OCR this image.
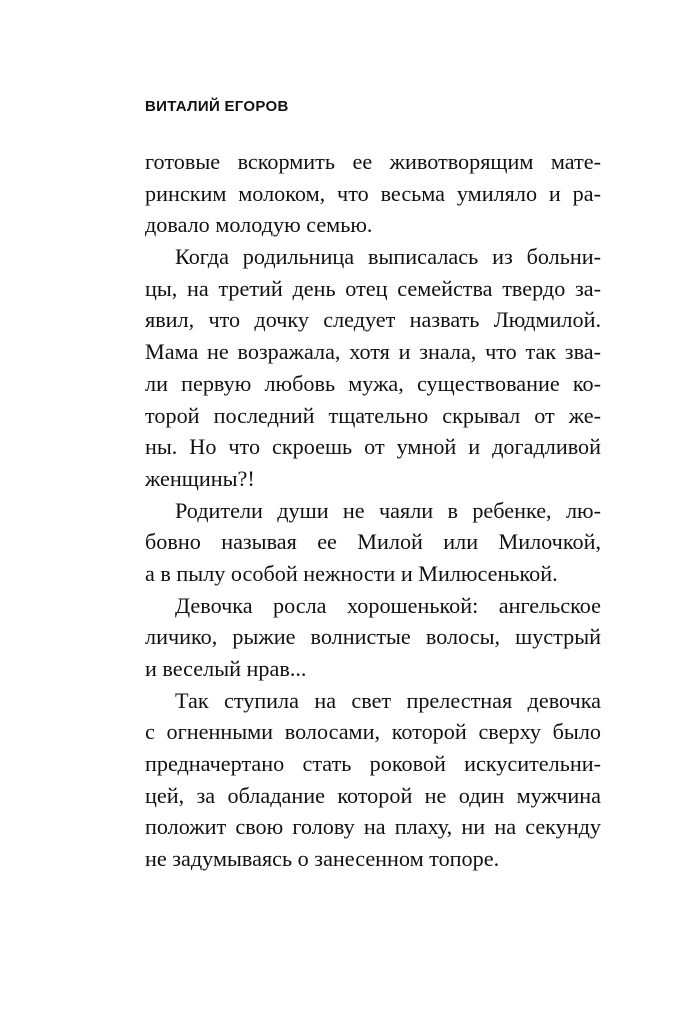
ВИТАЛИЙ ЕГОРОВ
готовые вскормить ее животворящим мате-
ринским молоком, что весьма умиляло и ра-
довало молодую семью.
Когда родильница выписалась из больни-
цы, на третий день отец семейства твердо за-
явил, что дочку следует назвать Людмилой.
Мама не возражала, хотя и знала, что так зва-
ли первую любовь мужа, существование ко-
торой последний тщательно скрывал от же-
ны. Но что скроешь от умной и догадливой
женщины?!
Родители души не чаяли в ребенке, лю-
бовно называя ее Милой или Милочкой,
а в пылу особой нежности и Милюсенькой.
Девочка росла хорошенькой: ангельское
личико, рыжие волнистые волосы, шустрый
и веселый нрав...
Так ступила на свет прелестная девочка
с огненными волосами, которой сверху было
предначертано стать роковой искусительни-
цей, за обладание которой не один мужчина
положит свою голову на плаху, ни на секунду
не задумываясь о занесенном топоре.
